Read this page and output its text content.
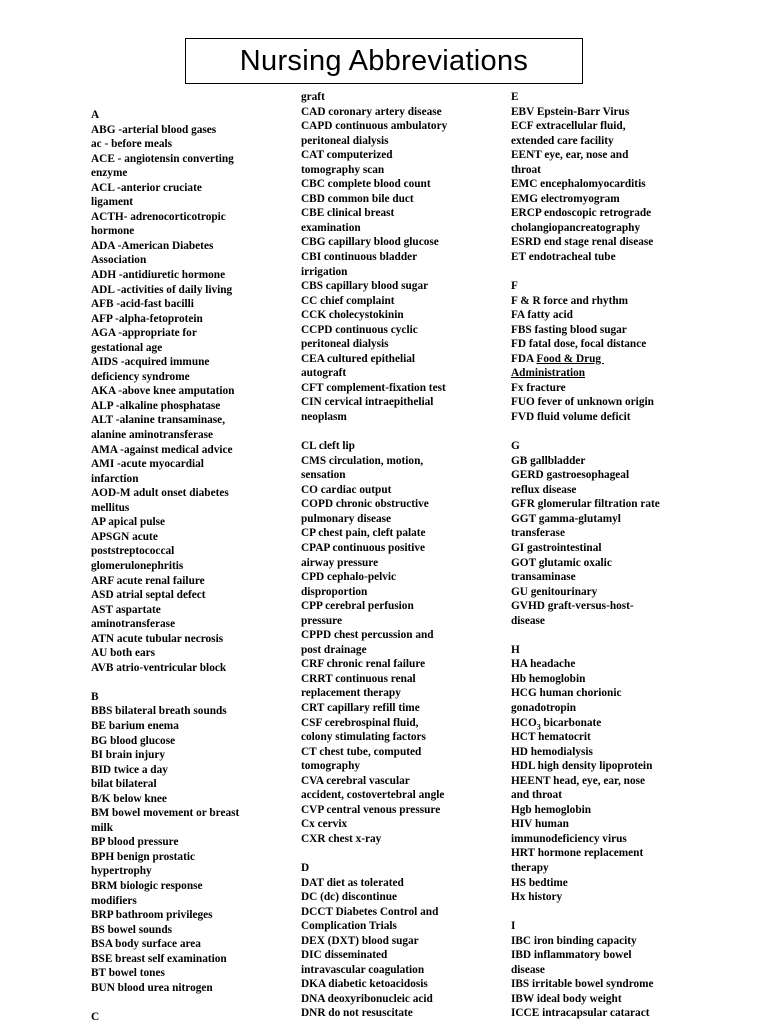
Nursing Abbreviations
A
ABG -arterial blood gases
ac - before meals
ACE - angiotensin converting
enzyme
ACL -anterior cruciate
ligament
ACTH- adrenocorticotropic
hormone
ADA -American Diabetes
Association
ADH -antidiuretic hormone
ADL -activities of daily living
AFB -acid-fast bacilli
AFP -alpha-fetoprotein
AGA -appropriate for
gestational age
AIDS -acquired immune
deficiency syndrome
AKA -above knee amputation
ALP -alkaline phosphatase
ALT -alanine transaminase,
alanine aminotransferase
AMA -against medical advice
AMI -acute myocardial
infarction
AOD-M adult onset diabetes
mellitus
AP apical pulse
APSGN acute
poststreptococcal
glomerulonephritis
ARF acute renal failure
ASD atrial septal defect
AST aspartate
aminotransferase
ATN acute tubular necrosis
AU both ears
AVB atrio-ventricular block
B
BBS bilateral breath sounds
BE barium enema
BG blood glucose
BI brain injury
BID twice a day
bilat bilateral
B/K below knee
BM bowel movement or breast
milk
BP blood pressure
BPH benign prostatic
hypertrophy
BRM biologic response
modifiers
BRP bathroom privileges
BS bowel sounds
BSA body surface area
BSE breast self examination
BT bowel tones
BUN blood urea nitrogen
C
graft
CAD coronary artery disease
CAPD continuous ambulatory
peritoneal dialysis
CAT computerized
tomography scan
CBC complete blood count
CBD common bile duct
CBE clinical breast
examination
CBG capillary blood glucose
CBI continuous bladder
irrigation
CBS capillary blood sugar
CC chief complaint
CCK cholecystokinin
CCPD continuous cyclic
peritoneal dialysis
CEA cultured epithelial
autograft
CFT complement-fixation test
CIN cervical intraepithelial
neoplasm
CL cleft lip
CMS circulation, motion,
sensation
CO cardiac output
COPD chronic obstructive
pulmonary disease
CP chest pain, cleft palate
CPAP continuous positive
airway pressure
CPD cephalo-pelvic
disproportion
CPP cerebral perfusion
pressure
CPPD chest percussion and
post drainage
CRF chronic renal failure
CRRT continuous renal
replacement therapy
CRT capillary refill time
CSF cerebrospinal fluid,
colony stimulating factors
CT chest tube, computed
tomography
CVA cerebral vascular
accident, costovertebral angle
CVP central venous pressure
Cx cervix
CXR chest x-ray
D
DAT diet as tolerated
DC (dc) discontinue
DCCT Diabetes Control and
Complication Trials
DEX (DXT) blood sugar
DIC disseminated
intravascular coagulation
DKA diabetic ketoacidosis
DNA deoxyribonucleic acid
DNR do not resuscitate
E
EBV Epstein-Barr Virus
ECF extracellular fluid,
extended care facility
EENT eye, ear, nose and
throat
EMC encephalomyocarditis
EMG electromyogram
ERCP endoscopic retrograde
cholangiopancreatography
ESRD end stage renal disease
ET endotracheal tube
F
F & R force and rhythm
FA fatty acid
FBS fasting blood sugar
FD fatal dose, focal distance
FDA Food & Drug
Administration
Fx fracture
FUO fever of unknown origin
FVD fluid volume deficit
G
GB gallbladder
GERD gastroesophageal
reflux disease
GFR glomerular filtration rate
GGT gamma-glutamyl
transferase
GI gastrointestinal
GOT glutamic oxalic
transaminase
GU genitourinary
GVHD graft-versus-host-
disease
H
HA headache
Hb hemoglobin
HCG human chorionic
gonadotropin
$HCO_3$ bicarbonate
HCT hematocrit
HD hemodialysis
HDL high density lipoprotein
HEENT head, eye, ear, nose
and throat
Hgb hemoglobin
HIV human
immunodeficiency virus
HRT hormone replacement
therapy
HS bedtime
Hx history
I
IBC iron binding capacity
IBD inflammatory bowel
disease
IBS irritable bowel syndrome
IBW ideal body weight
ICCE intracapsular cataract
